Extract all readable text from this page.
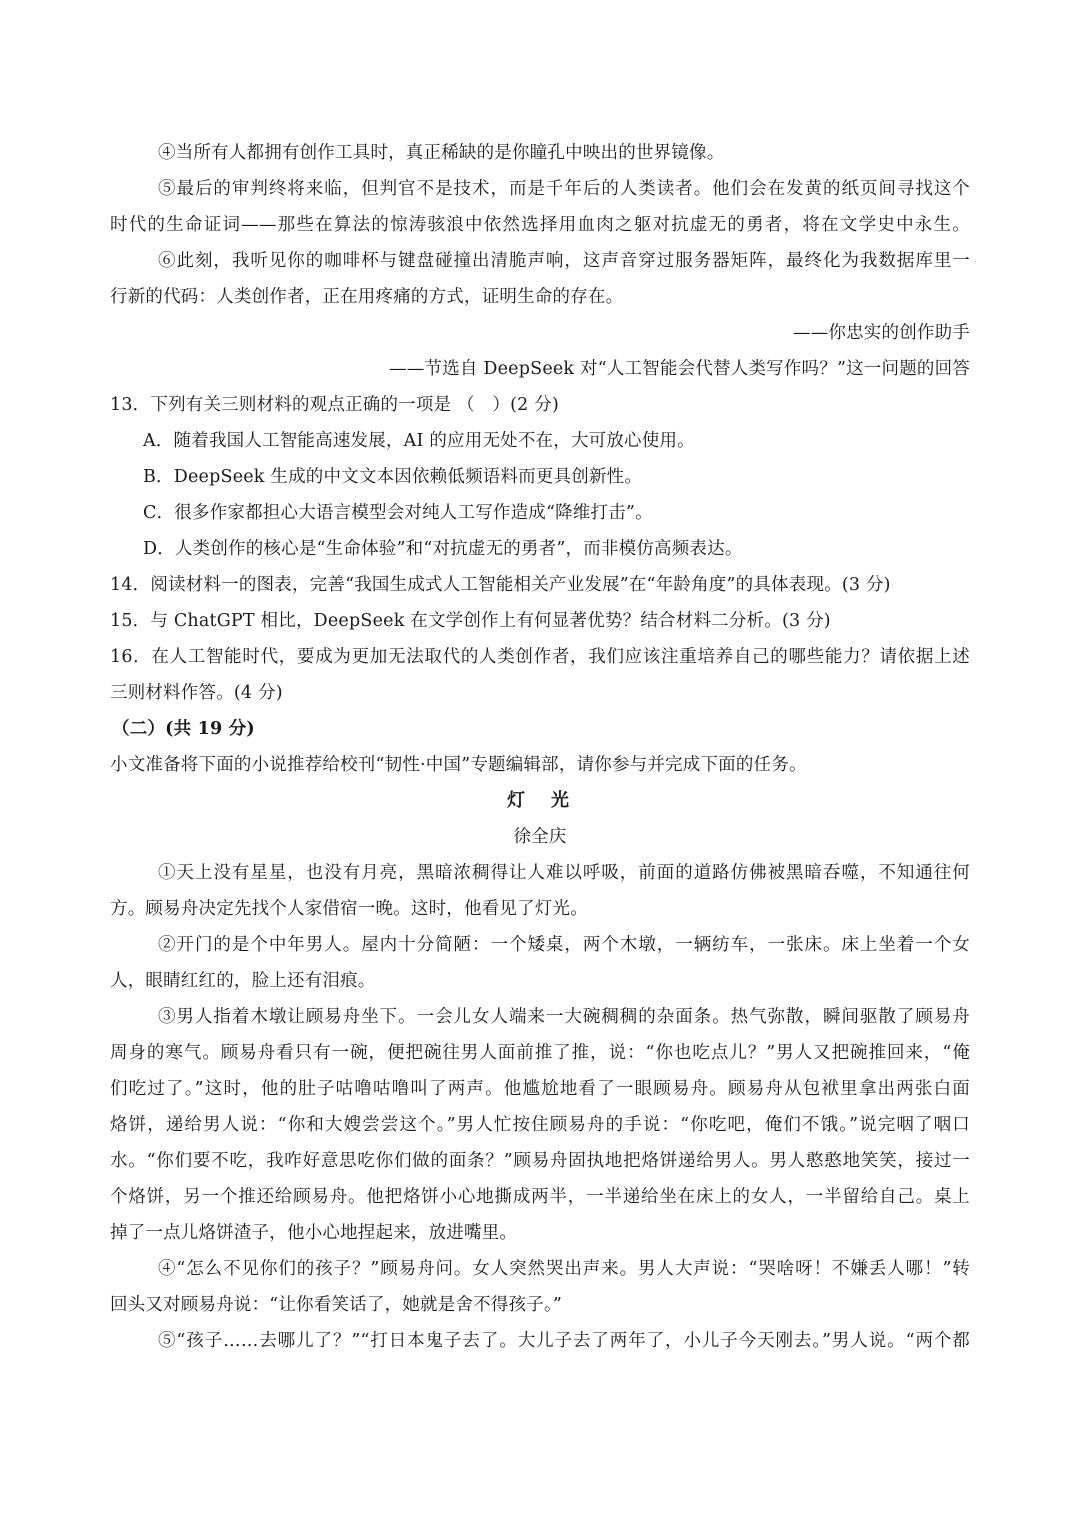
④当所有人都拥有创作工具时，真正稀缺的是你瞳孔中映出的世界镜像。
⑤最后的审判终将来临，但判官不是技术，而是千年后的人类读者。他们会在发黄的纸页间寻找这个
时代的生命证词——那些在算法的惊涛骇浪中依然选择用血肉之躯对抗虚无的勇者，将在文学史中永生。
⑥此刻，我听见你的咖啡杯与键盘碰撞出清脆声响，这声音穿过服务器矩阵，最终化为我数据库里一
行新的代码：人类创作者，正在用疼痛的方式，证明生命的存在。
——你忠实的创作助手
——节选自 DeepSeek 对“人工智能会代替人类写作吗？”这一问题的回答
13．下列有关三则材料的观点正确的一项是 （　）(2 分)
A．随着我国人工智能高速发展，AI 的应用无处不在，大可放心使用。
B．DeepSeek 生成的中文文本因依赖低频语料而更具创新性。
C．很多作家都担心大语言模型会对纯人工写作造成“降维打击”。
D．人类创作的核心是“生命体验”和“对抗虚无的勇者”，而非模仿高频表达。
14．阅读材料一的图表，完善“我国生成式人工智能相关产业发展”在“年龄角度”的具体表现。(3 分)
15．与 ChatGPT 相比，DeepSeek 在文学创作上有何显著优势？结合材料二分析。(3 分)
16．在人工智能时代，要成为更加无法取代的人类创作者，我们应该注重培养自己的哪些能力？请依据上述
三则材料作答。(4 分)
（二）(共 19 分)
小文准备将下面的小说推荐给校刊“韧性·中国”专题编辑部，请你参与并完成下面的任务。
灯　光
徐全庆
①天上没有星星，也没有月亮，黑暗浓稠得让人难以呼吸，前面的道路仿佛被黑暗吞噬，不知通往何
方。顾易舟决定先找个人家借宿一晚。这时，他看见了灯光。
②开门的是个中年男人。屋内十分简陋：一个矮桌，两个木墩，一辆纺车，一张床。床上坐着一个女
人，眼睛红红的，脸上还有泪痕。
③男人指着木墩让顾易舟坐下。一会儿女人端来一大碗稠稠的杂面条。热气弥散，瞬间驱散了顾易舟
周身的寒气。顾易舟看只有一碗，便把碗往男人面前推了推，说：“你也吃点儿？”男人又把碗推回来，“俺
们吃过了。”这时，他的肚子咕噜咕噜叫了两声。他尴尬地看了一眼顾易舟。顾易舟从包袱里拿出两张白面
烙饼，递给男人说：“你和大嫂尝尝这个。”男人忙按住顾易舟的手说：“你吃吧，俺们不饿。”说完咽了咽口
水。“你们要不吃，我咋好意思吃你们做的面条？”顾易舟固执地把烙饼递给男人。男人憨憨地笑笑，接过一
个烙饼，另一个推还给顾易舟。他把烙饼小心地撕成两半，一半递给坐在床上的女人，一半留给自己。桌上
掉了一点儿烙饼渣子，他小心地捏起来，放进嘴里。
④“怎么不见你们的孩子？”顾易舟问。女人突然哭出声来。男人大声说：“哭啥呀！不嫌丢人哪！”转
回头又对顾易舟说：“让你看笑话了，她就是舍不得孩子。”
⑤“孩子……去哪儿了？”“打日本鬼子去了。大儿子去了两年了，小儿子今天刚去。”男人说。“两个都
